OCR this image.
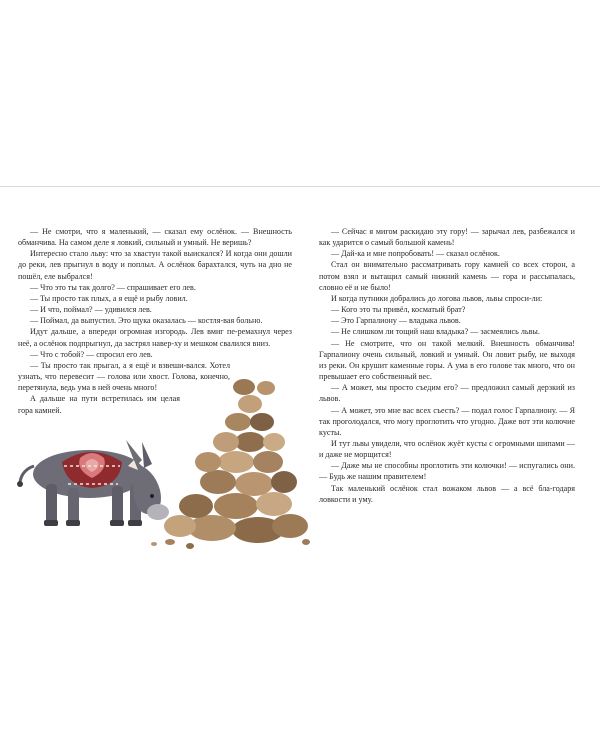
— Не смотри, что я маленький, — сказал ему ослёнок. — Внешность обманчива. На самом деле я ловкий, сильный и умный. Не веришь?

Интересно стало льву: что за хвастун такой выискался? И когда они дошли до реки, лев прыгнул в воду и поплыл. А ослёнок барахтался, чуть на дно не пошёл, еле выбрался!

— Что это ты так долго? — спрашивает его лев.

— Ты просто так плых, а я ещё и рыбу ловил.

— И что, поймал? — удивился лев.

— Поймал, да выпустил. Это щука оказалась — костля-вая больно.

Идут дальше, а впереди огромная изгородь. Лев вмиг пе-ремахнул через неё, а ослёнок подпрыгнул, да застрял навер-ху и мешком свалился вниз.

— Что с тобой? — спросил его лев.

— Ты просто так прыгал, а я ещё и взвеши-вался. Хотел узнать, что перевесит — голова или хвост. Голова, конечно, перетянула, ведь ума в ней очень много!

А дальше на пути встретилась им целая гора камней.

— Сейчас я мигом раскидаю эту гору! — зарычал лев, разбежался и как ударится о самый большой камень!

— Дай-ка и мне попробовать! — сказал ослёнок.

Стал он внимательно рассматривать гору камней со всех сторон, а потом взял и вытащил самый нижний камень — гора и рассыпалась, словно её и не было!

И когда путники добрались до логова львов, львы спроси-ли:

— Кого это ты привёл, косматый брат?

— Это Гарпалиону — владыка львов.

— Не слишком ли тощий наш владыка? — засмеялись львы.

— Не смотрите, что он такой мелкий. Внешность обманчива! Гарпалиону очень сильный, ловкий и умный. Он ловит рыбу, не выходя из реки. Он крушит каменные горы. А ума в его голове так много, что он превышает его собственный вес.

— А может, мы просто съедим его? — предложил самый дерзкий из львов.

— А может, это мне вас всех съесть? — подал голос Гарпалиону. — Я так проголодался, что могу проглотить что угодно. Даже вот эти колючие кусты.

И тут львы увидели, что ослёнок жуёт кусты с огромными шипами — и даже не морщится!

— Даже мы не способны проглотить эти колючки! — испугались они. — Будь же нашим правителем!

Так маленький ослёнок стал вожаком львов — а всё бла-годаря ловкости и уму.
